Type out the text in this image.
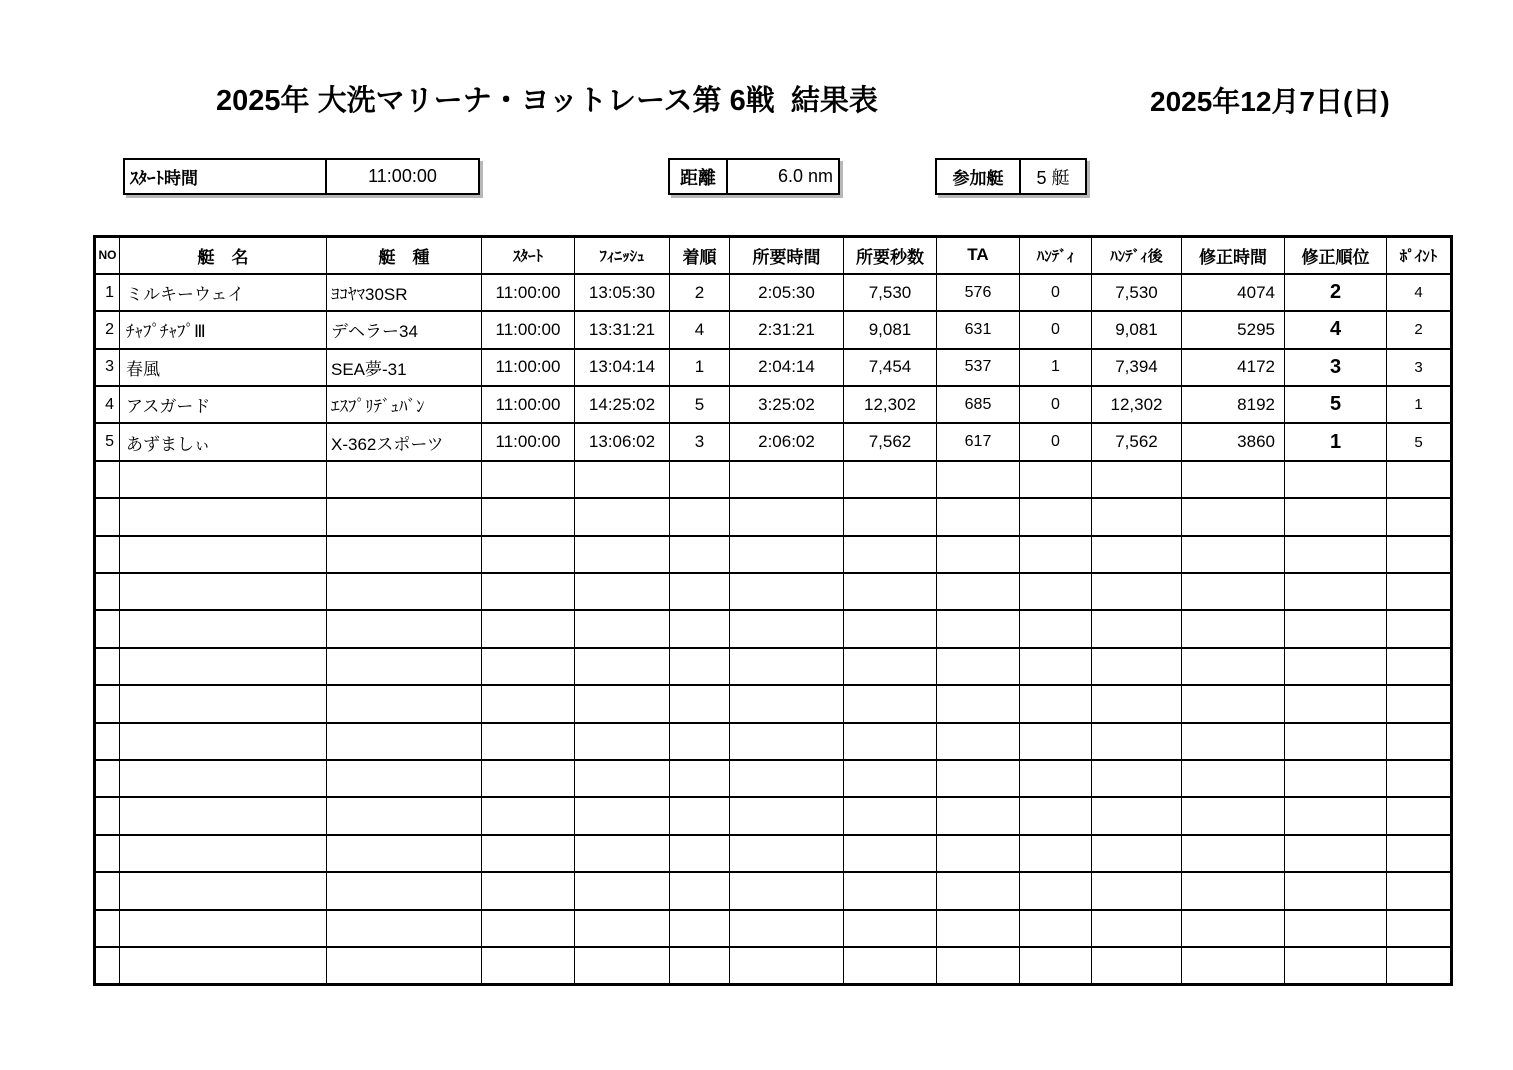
2025年 大洗マリーナ・ヨットレース第 6戦  結果表	2025年12月7日(日)
ｽﾀｰﾄ時間	11:00:00	距離	6.0 nm	参加艇	5 艇
NO	艇　名	艇　種	ｽﾀｰﾄ	ﾌｨﾆｯｼｭ	着順	所要時間	所要秒数	TA	ﾊﾝﾃﾞｨ	ﾊﾝﾃﾞｨ後	修正時間	修正順位	ﾎﾟｲﾝﾄ
1	ミルキーウェイ	ﾖｺﾔﾏ30SR	11:00:00	13:05:30	2	2:05:30	7,530	576	0	7,530	4074	2	4
2	ﾁｬﾌﾟﾁｬﾌﾟⅢ	デヘラー34	11:00:00	13:31:21	4	2:31:21	9,081	631	0	9,081	5295	4	2
3	春風	SEA夢-31	11:00:00	13:04:14	1	2:04:14	7,454	537	1	7,394	4172	3	3
4	アスガード	ｴｽﾌﾟﾘﾃﾞｭﾊﾞﾝ	11:00:00	14:25:02	5	3:25:02	12,302	685	0	12,302	8192	5	1
5	あずましぃ	X-362スポーツ	11:00:00	13:06:02	3	2:06:02	7,562	617	0	7,562	3860	1	5
